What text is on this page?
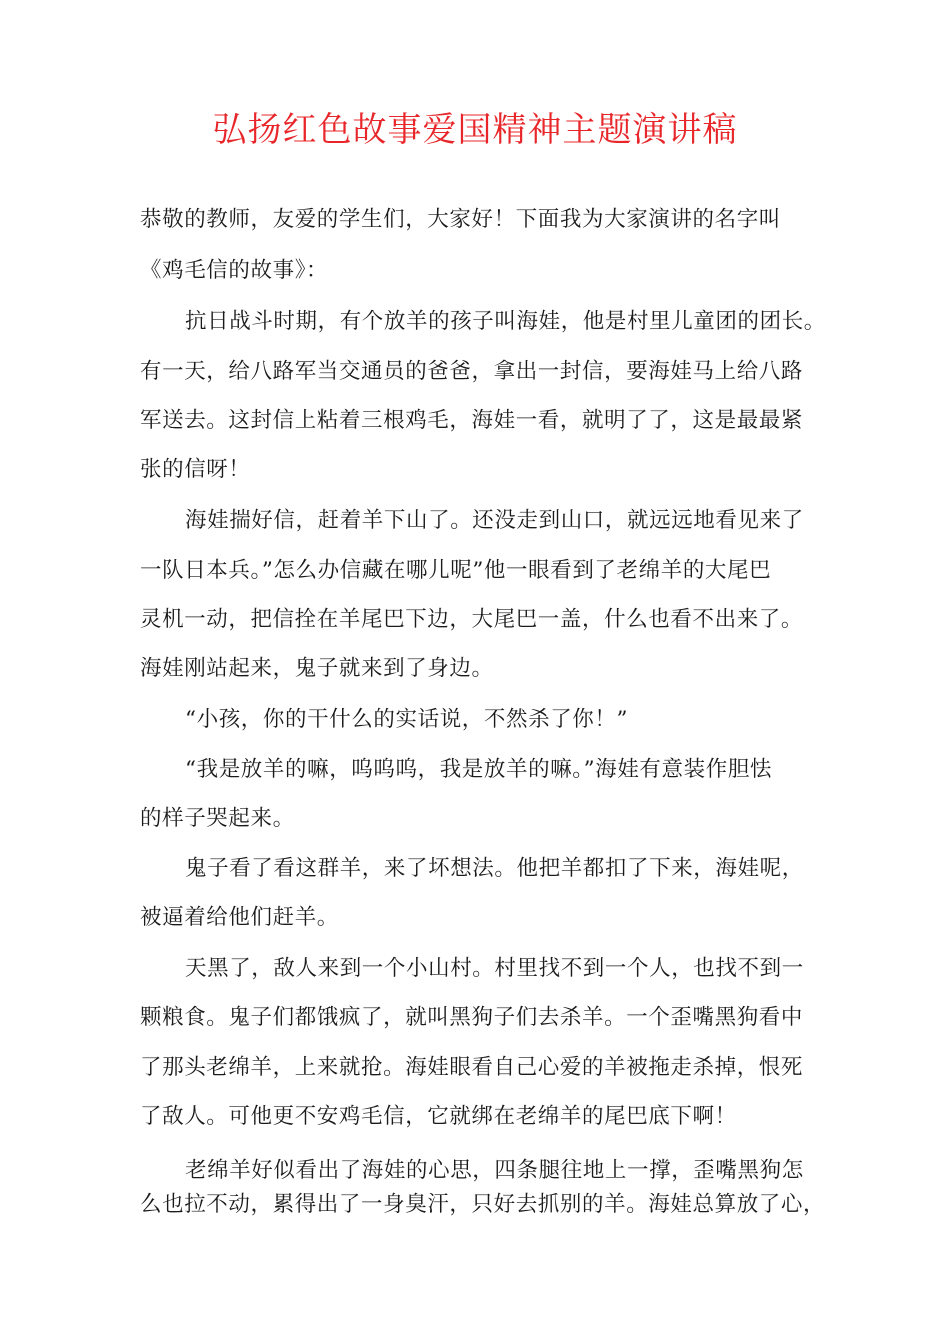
弘扬红色故事爱国精神主题演讲稿
恭敬的教师，友爱的学生们，大家好！下面我为大家演讲的名字叫
《鸡毛信的故事》：
抗日战斗时期，有个放羊的孩子叫海娃，他是村里儿童团的团长。
有一天，给八路军当交通员的爸爸，拿出一封信，要海娃马上给八路
军送去。这封信上粘着三根鸡毛，海娃一看，就明了了，这是最最紧
张的信呀！
海娃揣好信，赶着羊下山了。还没走到山口，就远远地看见来了
一队日本兵。”怎么办信藏在哪儿呢”他一眼看到了老绵羊的大尾巴
灵机一动，把信拴在羊尾巴下边，大尾巴一盖，什么也看不出来了。
海娃刚站起来，鬼子就来到了身边。
“小孩，你的干什么的实话说，不然杀了你！”
“我是放羊的嘛，呜呜呜，我是放羊的嘛。”海娃有意装作胆怯
的样子哭起来。
鬼子看了看这群羊，来了坏想法。他把羊都扣了下来，海娃呢，
被逼着给他们赶羊。
天黑了，敌人来到一个小山村。村里找不到一个人，也找不到一
颗粮食。鬼子们都饿疯了，就叫黑狗子们去杀羊。一个歪嘴黑狗看中
了那头老绵羊，上来就抢。海娃眼看自己心爱的羊被拖走杀掉，恨死
了敌人。可他更不安鸡毛信，它就绑在老绵羊的尾巴底下啊！
老绵羊好似看出了海娃的心思，四条腿往地上一撑，歪嘴黑狗怎
么也拉不动，累得出了一身臭汗，只好去抓别的羊。海娃总算放了心，
